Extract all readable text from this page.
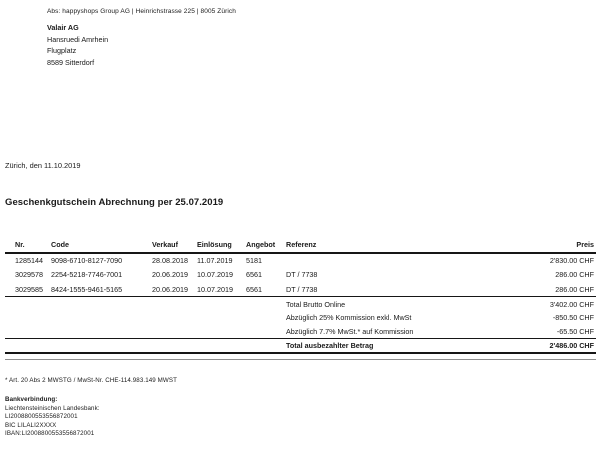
Abs: happyshops Group AG | Heinrichstrasse 225 | 8005 Zürich
Valair AG
Hansruedi Amrhein
Flugplatz
8589 Sitterdorf
Zürich, den 11.10.2019
Geschenkgutschein Abrechnung per 25.07.2019
Nr.	Code	Verkauf	Einlösung	Angebot	Referenz	Preis
1285144	9098-6710-8127-7090	28.08.2018	11.07.2019	5181		2'830.00 CHF
3029578	2254-5218-7746-7001	20.06.2019	10.07.2019	6561	DT / 7738	286.00 CHF
3029585	8424-1555-9461-5165	20.06.2019	10.07.2019	6561	DT / 7738	286.00 CHF
					Total Brutto Online	3'402.00 CHF
					Abzüglich 25% Kommission exkl. MwSt	-850.50 CHF
					Abzüglich 7.7% MwSt.* auf Kommission	-65.50 CHF
					Total ausbezahlter Betrag	2'486.00 CHF
* Art. 20 Abs 2 MWSTG / MwSt-Nr. CHE-114.983.149 MWST
Bankverbindung:
Liechtensteinischen Landesbank:
LI2008800553556872001
BIC LILALI2XXXX
IBAN:LI2008800553556872001
